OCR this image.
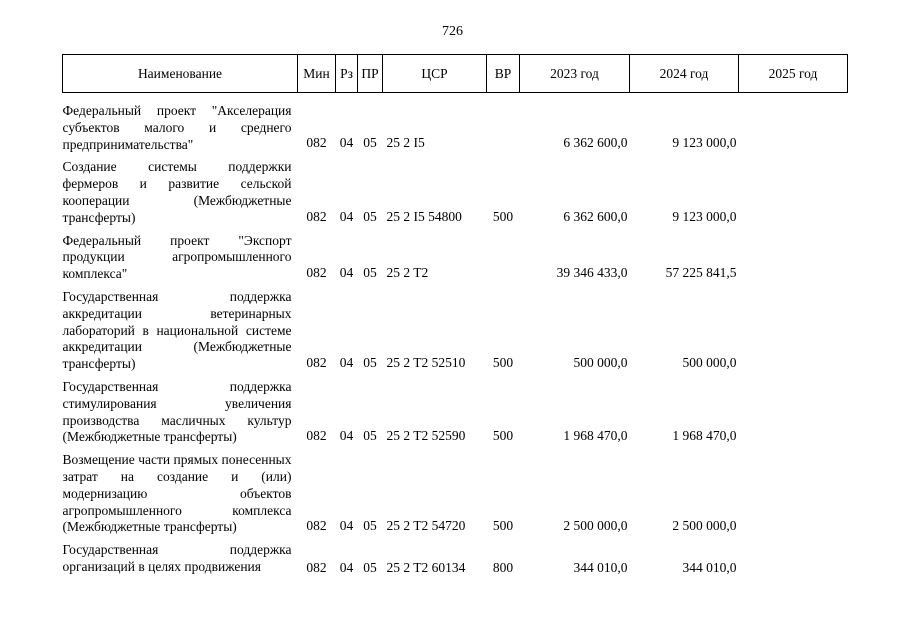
726
Наименование	Мин	Рз	ПР	ЦСР	ВР	2023 год	2024 год	2025 год
Федеральный проект "Акселерация субъектов малого и среднего предпринимательства"	082	04	05	25 2 I5		6 362 600,0	9 123 000,0	
Создание системы поддержки фермеров и развитие сельской кооперации (Межбюджетные трансферты)	082	04	05	25 2 I5 54800	500	6 362 600,0	9 123 000,0	
Федеральный проект "Экспорт продукции агропромышленного комплекса"	082	04	05	25 2 T2		39 346 433,0	57 225 841,5	
Государственная поддержка аккредитации ветеринарных лабораторий в национальной системе аккредитации (Межбюджетные трансферты)	082	04	05	25 2 T2 52510	500	500 000,0	500 000,0	
Государственная поддержка стимулирования увеличения производства масличных культур (Межбюджетные трансферты)	082	04	05	25 2 T2 52590	500	1 968 470,0	1 968 470,0	
Возмещение части прямых понесенных затрат на создание и (или) модернизацию объектов агропромышленного комплекса (Межбюджетные трансферты)	082	04	05	25 2 T2 54720	500	2 500 000,0	2 500 000,0	
Государственная поддержка организаций в целях продвижения	082	04	05	25 2 T2 60134	800	344 010,0	344 010,0	
